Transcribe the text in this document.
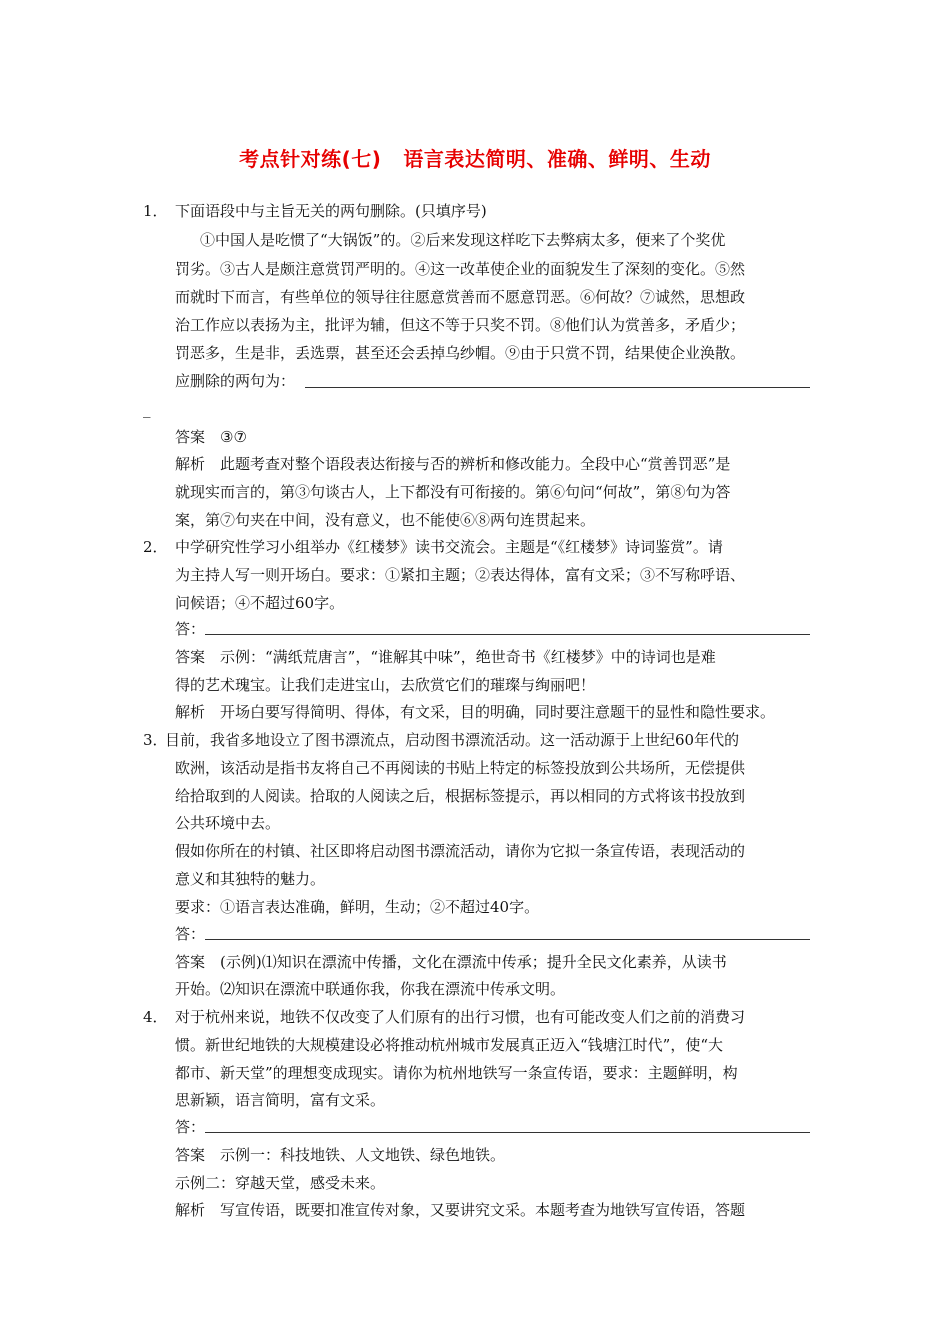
考点针对练(七) 语言表达简明、准确、鲜明、生动
1． 下面语段中与主旨无关的两句删除。(只填序号)
①中国人是吃惯了“大锅饭”的。②后来发现这样吃下去弊病太多，便来了个奖优
罚劣。③古人是颇注意赏罚严明的。④这一改革使企业的面貌发生了深刻的变化。⑤然
而就时下而言，有些单位的领导往往愿意赏善而不愿意罚恶。⑥何故？⑦诚然，思想政
治工作应以表扬为主，批评为辅，但这不等于只奖不罚。⑧他们认为赏善多，矛盾少；
罚恶多，生是非，丢选票，甚至还会丢掉乌纱帽。⑨由于只赏不罚，结果使企业涣散。
应删除的两句为：
_
答案 ③⑦
解析 此题考查对整个语段表达衔接与否的辨析和修改能力。全段中心“赏善罚恶”是
就现实而言的，第③句谈古人，上下都没有可衔接的。第⑥句问“何故”，第⑧句为答
案，第⑦句夹在中间，没有意义，也不能使⑥⑧两句连贯起来。
2． 中学研究性学习小组举办《红楼梦》读书交流会。主题是“《红楼梦》诗词鉴赏”。请
为主持人写一则开场白。要求：①紧扣主题；②表达得体，富有文采；③不写称呼语、
问候语；④不超过60字。
答：
答案 示例：“满纸荒唐言”，“谁解其中味”，绝世奇书《红楼梦》中的诗词也是难
得的艺术瑰宝。让我们走进宝山，去欣赏它们的璀璨与绚丽吧！
解析 开场白要写得简明、得体，有文采，目的明确，同时要注意题干的显性和隐性要求。
3．
目前，我省多地设立了图书漂流点，启动图书漂流活动。这一活动源于上世纪60年代的
欧洲，该活动是指书友将自己不再阅读的书贴上特定的标签投放到公共场所，无偿提供
给拾取到的人阅读。拾取的人阅读之后，根据标签提示，再以相同的方式将该书投放到
公共环境中去。
假如你所在的村镇、社区即将启动图书漂流活动，请你为它拟一条宣传语，表现活动的
意义和其独特的魅力。
要求：①语言表达准确，鲜明，生动；②不超过40字。
答：
答案 (示例)⑴知识在漂流中传播，文化在漂流中传承；提升全民文化素养，从读书
开始。⑵知识在漂流中联通你我，你我在漂流中传承文明。
4． 对于杭州来说，地铁不仅改变了人们原有的出行习惯，也有可能改变人们之前的消费习
惯。新世纪地铁的大规模建设必将推动杭州城市发展真正迈入“钱塘江时代”，使“大
都市、新天堂”的理想变成现实。请你为杭州地铁写一条宣传语，要求：主题鲜明，构
思新颖，语言简明，富有文采。
答：
答案 示例一：科技地铁、人文地铁、绿色地铁。
示例二：穿越天堂，感受未来。
解析 写宣传语，既要扣准宣传对象，又要讲究文采。本题考查为地铁写宣传语，答题
